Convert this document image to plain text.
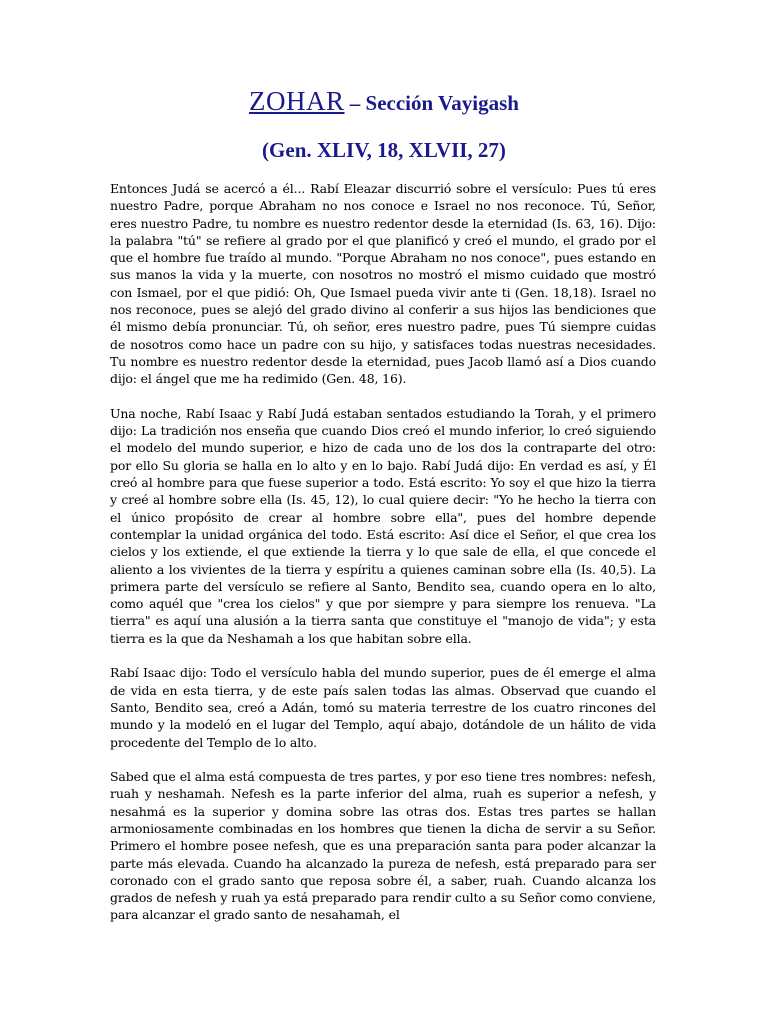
ZOHAR – Sección Vayigash
(Gen. XLIV, 18, XLVII, 27)

Entonces Judá se acercó a él... Rabí Eleazar discurrió sobre el versículo: Pues tú eres nuestro Padre, porque Abraham no nos conoce e Israel no nos reconoce. Tú, Señor, eres nuestro Padre, tu nombre es nuestro redentor desde la eternidad (Is. 63, 16). Dijo: la palabra "tú" se refiere al grado por el que planificó y creó el mundo, el grado por el que el hombre fue traído al mundo. "Porque Abraham no nos conoce", pues estando en sus manos la vida y la muerte, con nosotros no mostró el mismo cuidado que mostró con Ismael, por el que pidió: Oh, Que Ismael pueda vivir ante ti (Gen. 18,18). Israel no nos reconoce, pues se alejó del grado divino al conferir a sus hijos las bendiciones que él mismo debía pronunciar. Tú, oh señor, eres nuestro padre, pues Tú siempre cuidas de nosotros como hace un padre con su hijo, y satisfaces todas nuestras necesidades. Tu nombre es nuestro redentor desde la eternidad, pues Jacob llamó así a Dios cuando dijo: el ángel que me ha redimido (Gen. 48, 16).

Una noche, Rabí Isaac y Rabí Judá estaban sentados estudiando la Torah, y el primero dijo: La tradición nos enseña que cuando Dios creó el mundo inferior, lo creó siguiendo el modelo del mundo superior, e hizo de cada uno de los dos la contraparte del otro: por ello Su gloria se halla en lo alto y en lo bajo. Rabí Judá dijo: En verdad es así, y Él creó al hombre para que fuese superior a todo. Está escrito: Yo soy el que hizo la tierra y creé al hombre sobre ella (Is. 45, 12), lo cual quiere decir: "Yo he hecho la tierra con el único propósito de crear al hombre sobre ella", pues del hombre depende contemplar la unidad orgánica del todo. Está escrito: Así dice el Señor, el que crea los cielos y los extiende, el que extiende la tierra y lo que sale de ella, el que concede el aliento a los vivientes de la tierra y espíritu a quienes caminan sobre ella (Is. 40,5). La primera parte del versículo se refiere al Santo, Bendito sea, cuando opera en lo alto, como aquél que "crea los cielos" y que por siempre y para siempre los renueva. "La tierra" es aquí una alusión a la tierra santa que constituye el "manojo de vida"; y esta tierra es la que da Neshamah a los que habitan sobre ella.

Rabí Isaac dijo: Todo el versículo habla del mundo superior, pues de él emerge el alma de vida en esta tierra, y de este país salen todas las almas. Observad que cuando el Santo, Bendito sea, creó a Adán, tomó su materia terrestre de los cuatro rincones del mundo y la modeló en el lugar del Templo, aquí abajo, dotándole de un hálito de vida procedente del Templo de lo alto.

Sabed que el alma está compuesta de tres partes, y por eso tiene tres nombres: nefesh, ruah y neshamah. Nefesh es la parte inferior del alma, ruah es superior a nefesh, y nesahmá es la superior y domina sobre las otras dos. Estas tres partes se hallan armoniosamente combinadas en los hombres que tienen la dicha de servir a su Señor. Primero el hombre posee nefesh, que es una preparación santa para poder alcanzar la parte más elevada. Cuando ha alcanzado la pureza de nefesh, está preparado para ser coronado con el grado santo que reposa sobre él, a saber, ruah. Cuando alcanza los grados de nefesh y ruah ya está preparado para rendir culto a su Señor como conviene, para alcanzar el grado santo de nesahamah, el
